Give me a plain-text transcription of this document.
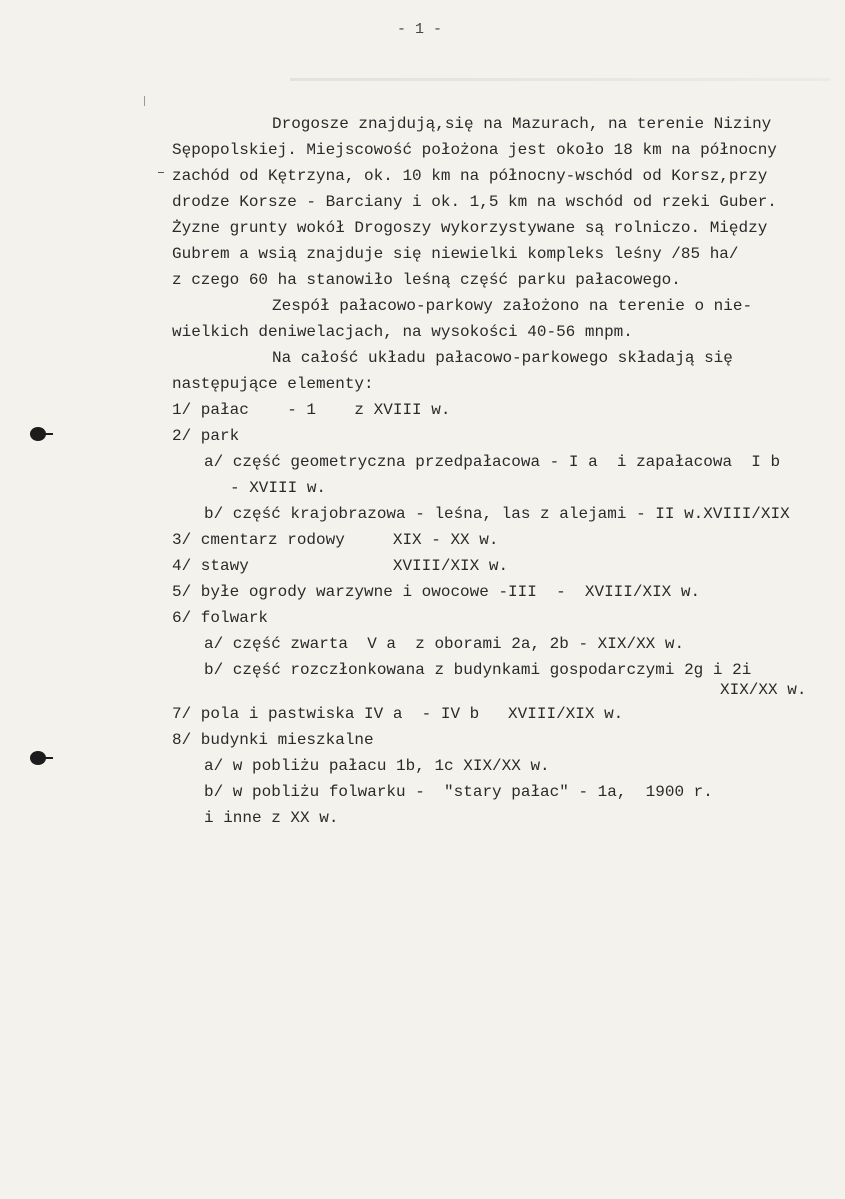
- 1 -
Drogosze znajdują,się na Mazurach, na terenie Niziny
Sępopolskiej. Miejscowość położona jest około 18 km na północny
zachód od Kętrzyna, ok. 10 km na północny-wschód od Korsz,przy
drodze Korsze - Barciany i ok. 1,5 km na wschód od rzeki Guber.
Żyzne grunty wokół Drogoszy wykorzystywane są rolniczo. Między
Gubrem a wsią znajduje się niewielki kompleks leśny /85 ha/
z czego 60 ha stanowiło leśną część parku pałacowego.
Zespół pałacowo-parkowy założono na terenie o nie-
wielkich deniwelacjach, na wysokości 40-56 mnpm.
Na całość układu pałacowo-parkowego składają się
następujące elementy:
1/ pałac    - 1    z XVIII w.
2/ park
a/ część geometryczna przedpałacowa - I a  i zapałacowa  I b
- XVIII w.
b/ część krajobrazowa - leśna, las z alejami - II w.XVIII/XIX
3/ cmentarz rodowy     XIX - XX w.
4/ stawy               XVIII/XIX w.
5/ byłe ogrody warzywne i owocowe -III  -  XVIII/XIX w.
6/ folwark
a/ część zwarta  V a  z oborami 2a, 2b - XIX/XX w.
b/ część rozczłonkowana z budynkami gospodarczymi 2g i 2i
XIX/XX w.
7/ pola i pastwiska IV a  - IV b   XVIII/XIX w.
8/ budynki mieszkalne
a/ w pobliżu pałacu 1b, 1c XIX/XX w.
b/ w pobliżu folwarku -  "stary pałac" - 1a,  1900 r.
i inne z XX w.
